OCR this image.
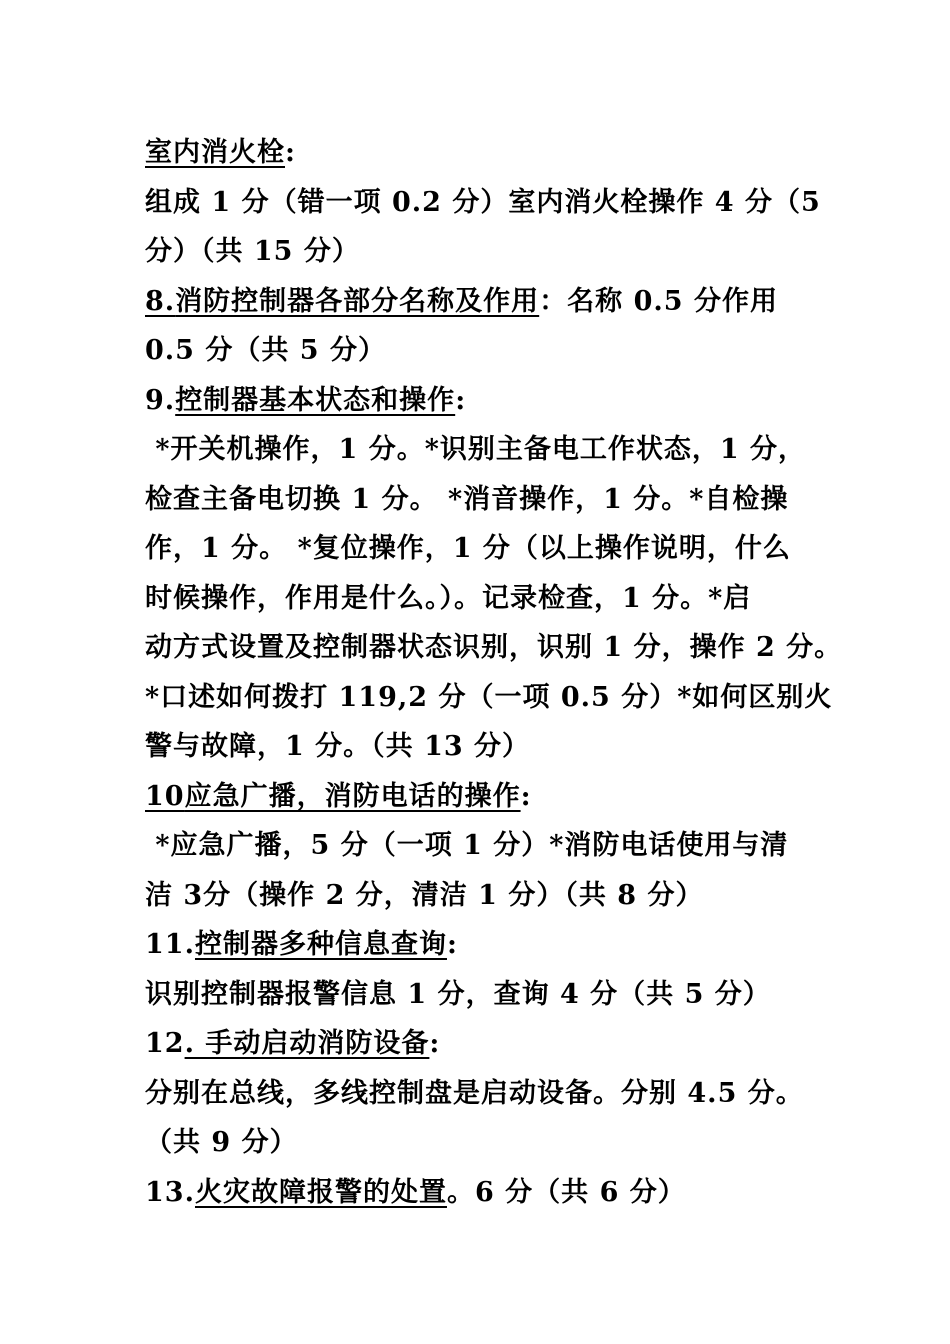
室内消火栓:
组成 1 分（错一项 0.2 分）室内消火栓操作 4 分（5
分）（共 15 分）
8.消防控制器各部分名称及作用：名称 0.5 分作用
0.5 分（共 5 分）
9.控制器基本状态和操作:
*开关机操作，1 分。*识别主备电工作状态，1 分，
检查主备电切换 1 分。 *消音操作，1 分。*自检操
作，1 分。 *复位操作，1 分（以上操作说明，什么
时候操作，作用是什么。）。记录检查，1 分。*启
动方式设置及控制器状态识别，识别 1 分，操作 2 分。
*口述如何拨打 119,2 分（一项 0.5 分）*如何区别火
警与故障，1 分。（共 13 分）
10应急广播，消防电话的操作:
*应急广播，5 分（一项 1 分）*消防电话使用与清
洁 3分（操作 2 分，清洁 1 分）（共 8 分）
11.控制器多种信息查询:
识别控制器报警信息 1 分，查询 4 分（共 5 分）
12. 手动启动消防设备:
分别在总线，多线控制盘是启动设备。分别 4.5 分。
（共 9 分）
13.火灾故障报警的处置。6 分（共 6 分）
